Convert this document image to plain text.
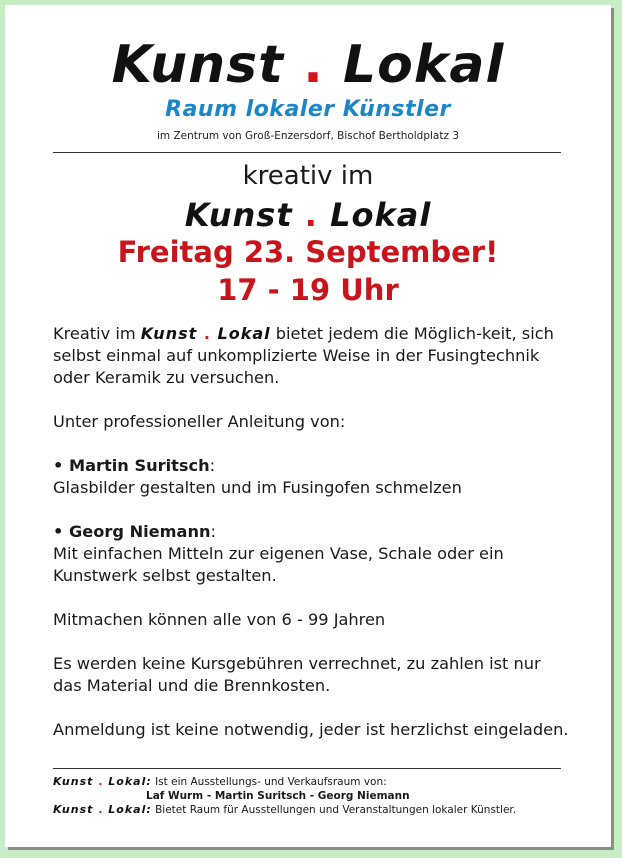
Kunst . Lokal
Raum lokaler Künstler
im Zentrum von Groß-Enzersdorf, Bischof Bertholdplatz 3
kreativ im
Kunst . Lokal
Freitag 23. September!
17 - 19 Uhr

Kreativ im Kunst . Lokal bietet jedem die Möglich-keit, sich selbst einmal auf unkomplizierte Weise in der Fusingtechnik oder Keramik zu versuchen.

Unter professioneller Anleitung von:

• Martin Suritsch:
Glasbilder gestalten und im Fusingofen schmelzen

• Georg Niemann:
Mit einfachen Mitteln zur eigenen Vase, Schale oder ein Kunstwerk selbst gestalten.

Mitmachen können alle von 6 - 99 Jahren

Es werden keine Kursgebühren verrechnet, zu zahlen ist nur das Material und die Brennkosten.

Anmeldung ist keine notwendig, jeder ist herzlichst eingeladen.

Kunst . Lokal: Ist ein Ausstellungs- und Verkaufsraum von:
Laf Wurm - Martin Suritsch - Georg Niemann
Kunst . Lokal: Bietet Raum für Ausstellungen und Veranstaltungen lokaler Künstler.
